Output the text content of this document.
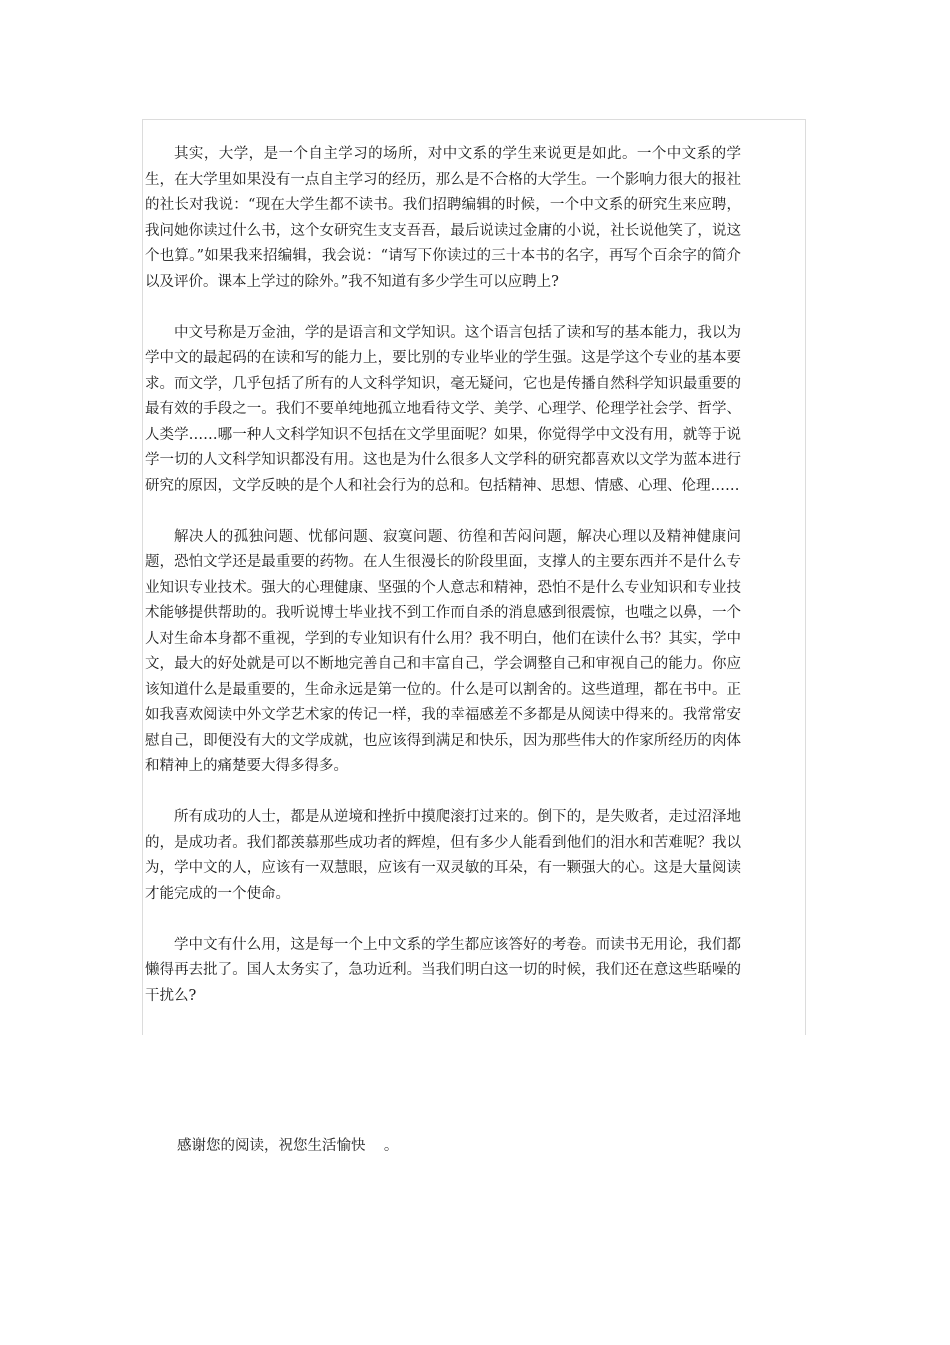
其实，大学，是一个自主学习的场所，对中文系的学生来说更是如此。一个中文系的学生，在大学里如果没有一点自主学习的经历，那么是不合格的大学生。一个影响力很大的报社的社长对我说：“现在大学生都不读书。我们招聘编辑的时候，一个中文系的研究生来应聘，我问她你读过什么书，这个女研究生支支吾吾，最后说读过金庸的小说，社长说他笑了，说这个也算。”如果我来招编辑，我会说：“请写下你读过的三十本书的名字，再写个百余字的简介以及评价。课本上学过的除外。”我不知道有多少学生可以应聘上?

中文号称是万金油，学的是语言和文学知识。这个语言包括了读和写的基本能力，我以为学中文的最起码的在读和写的能力上，要比别的专业毕业的学生强。这是学这个专业的基本要求。而文学，几乎包括了所有的人文科学知识，毫无疑问，它也是传播自然科学知识最重要的最有效的手段之一。我们不要单纯地孤立地看待文学、美学、心理学、伦理学社会学、哲学、人类学……哪一种人文科学知识不包括在文学里面呢？如果，你觉得学中文没有用，就等于说学一切的人文科学知识都没有用。这也是为什么很多人文学科的研究都喜欢以文学为蓝本进行研究的原因，文学反映的是个人和社会行为的总和。包括精神、思想、情感、心理、伦理……

解决人的孤独问题、忧郁问题、寂寞问题、彷徨和苦闷问题，解决心理以及精神健康问题，恐怕文学还是最重要的药物。在人生很漫长的阶段里面，支撑人的主要东西并不是什么专业知识专业技术。强大的心理健康、坚强的个人意志和精神，恐怕不是什么专业知识和专业技术能够提供帮助的。我听说博士毕业找不到工作而自杀的消息感到很震惊，也嗤之以鼻，一个人对生命本身都不重视，学到的专业知识有什么用？我不明白，他们在读什么书？其实，学中文，最大的好处就是可以不断地完善自己和丰富自己，学会调整自己和审视自己的能力。你应该知道什么是最重要的，生命永远是第一位的。什么是可以割舍的。这些道理，都在书中。正如我喜欢阅读中外文学艺术家的传记一样，我的幸福感差不多都是从阅读中得来的。我常常安慰自己，即便没有大的文学成就，也应该得到满足和快乐，因为那些伟大的作家所经历的肉体和精神上的痛楚要大得多得多。

所有成功的人士，都是从逆境和挫折中摸爬滚打过来的。倒下的，是失败者，走过沼泽地的，是成功者。我们都羡慕那些成功者的辉煌，但有多少人能看到他们的泪水和苦难呢？我以为，学中文的人，应该有一双慧眼，应该有一双灵敏的耳朵，有一颗强大的心。这是大量阅读才能完成的一个使命。

学中文有什么用，这是每一个上中文系的学生都应该答好的考卷。而读书无用论，我们都懒得再去批了。国人太务实了，急功近利。当我们明白这一切的时候，我们还在意这些聒噪的干扰么?

感谢您的阅读，祝您生活愉快    。
